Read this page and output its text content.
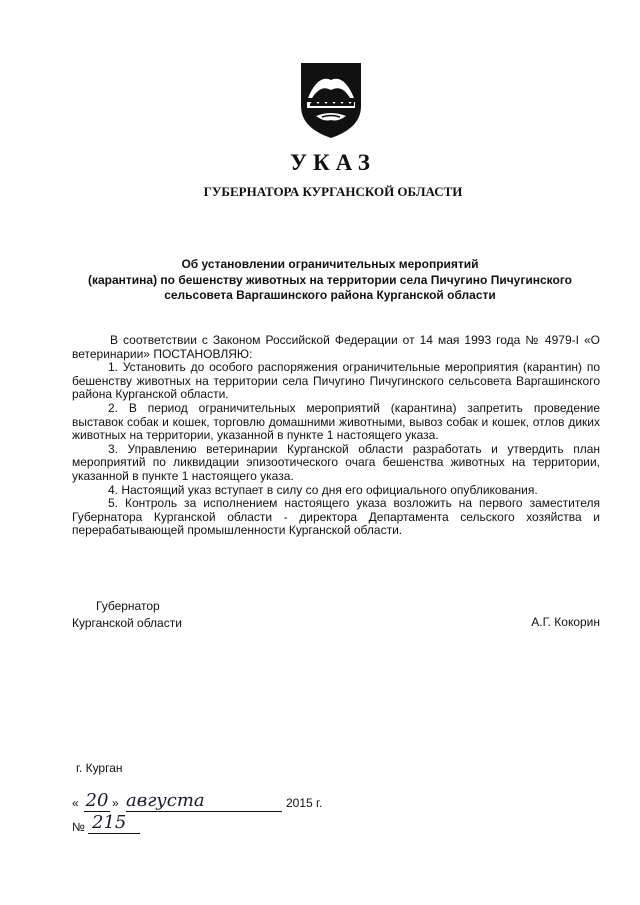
УКАЗ
ГУБЕРНАТОРА КУРГАНСКОЙ ОБЛАСТИ
Об установлении ограничительных мероприятий
(карантина) по бешенству животных на территории села Пичугино Пичугинского
сельсовета Варгашинского района Курганской области

В соответствии с Законом Российской Федерации от 14 мая 1993 года № 4979-I «О ветеринарии» ПОСТАНОВЛЯЮ:

1. Установить до особого распоряжения ограничительные мероприятия (карантин) по бешенству животных на территории села Пичугино Пичугинского сельсовета Варгашинского района Курганской области.

2. В период ограничительных мероприятий (карантина) запретить проведение выставок собак и кошек, торговлю домашними животными, вывоз собак и кошек, отлов диких животных на территории, указанной в пункте 1 настоящего указа.

3. Управлению ветеринарии Курганской области разработать и утвердить план мероприятий по ликвидации эпизоотического очага бешенства животных на территории, указанной в пункте 1 настоящего указа.

4. Настоящий указ вступает в силу со дня его официального опубликования.

5. Контроль за исполнением настоящего указа возложить на первого заместителя Губернатора Курганской области - директора Департамента сельского хозяйства и перерабатывающей промышленности Курганской области.

Губернатор
Курганской области	А.Г. Кокорин
г. Курган
« 20 » августа	2015 г.
№ 215
